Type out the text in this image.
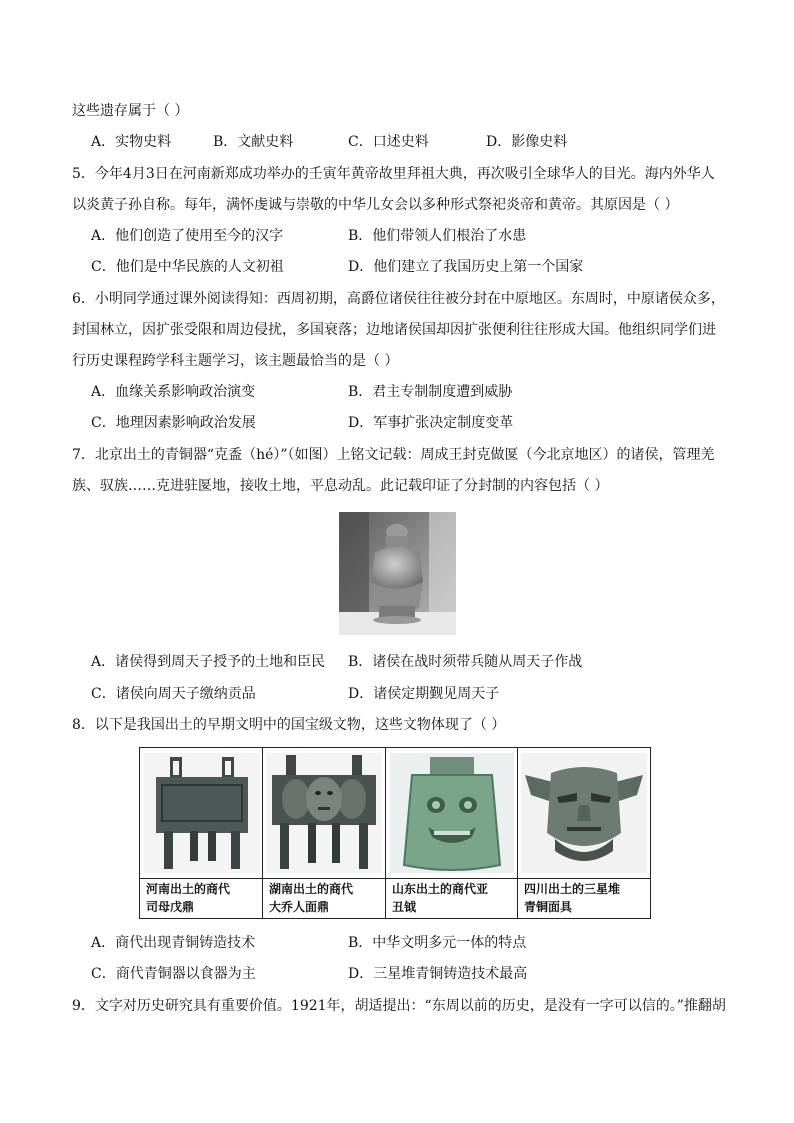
这些遗存属于（ ）
A．实物史料	B．文献史料	C．口述史料	D．影像史料
5．今年4月3日在河南新郑成功举办的壬寅年黄帝故里拜祖大典，再次吸引全球华人的目光。海内外华人
以炎黄子孙自称。每年，满怀虔诚与崇敬的中华儿女会以多种形式祭祀炎帝和黄帝。其原因是（ ）
A．他们创造了使用至今的汉字	B．他们带领人们根治了水患
C．他们是中华民族的人文初祖	D．他们建立了我国历史上第一个国家
6．小明同学通过课外阅读得知：西周初期，高爵位诸侯往往被分封在中原地区。东周时，中原诸侯众多，
封国林立，因扩张受限和周边侵扰，多国衰落；边地诸侯国却因扩张便利往往形成大国。他组织同学们进
行历史课程跨学科主题学习，该主题最恰当的是（ ）
A．血缘关系影响政治演变	B．君主专制制度遭到威胁
C．地理因素影响政治发展	D．军事扩张决定制度变革
7．北京出土的青铜器“克盉（hé）”（如图）上铭文记载：周成王封克做匽（今北京地区）的诸侯，管理羌
族、驭族……克进驻匽地，接收土地，平息动乱。此记载印证了分封制的内容包括（ ）
A．诸侯得到周天子授予的土地和臣民 B．诸侯在战时须带兵随从周天子作战
C．诸侯向周天子缴纳贡品	D．诸侯定期觐见周天子
8．以下是我国出土的早期文明中的国宝级文物，这些文物体现了（ ）
河南出土的商代
司母戊鼎
湖南出土的商代
大乔人面鼎
山东出土的商代亚
丑钺
四川出土的三星堆
青铜面具
A．商代出现青铜铸造技术	B．中华文明多元一体的特点
C．商代青铜器以食器为主	D．三星堆青铜铸造技术最高
9．文字对历史研究具有重要价值。1921年，胡适提出：“东周以前的历史，是没有一字可以信的。”推翻胡
